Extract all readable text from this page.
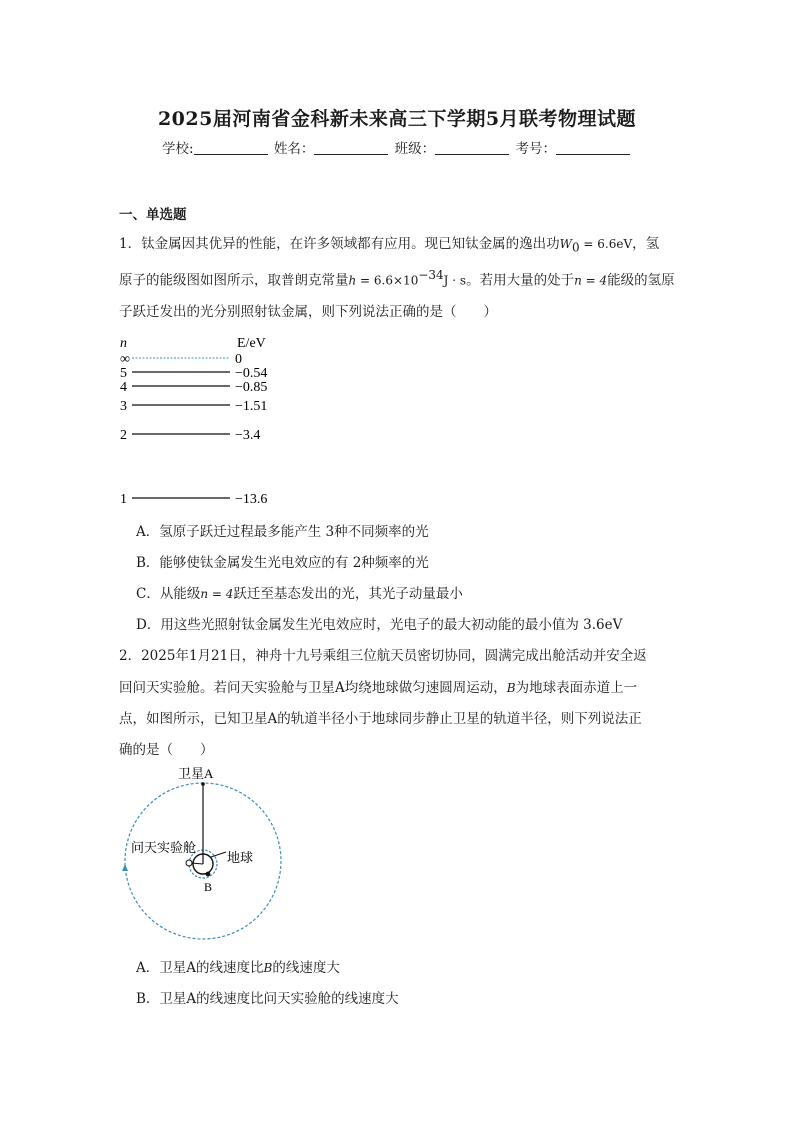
2025届河南省金科新未来高三下学期5月联考物理试题
学校:	姓名：	班级：	考号：
一、单选题
1．钛金属因其优异的性能，在许多领域都有应用。现已知钛金属的逸出功$W_0 = 6.6eV$，氢
原子的能级图如图所示，取普朗克常量$h = 6.6\times 10^{-34}J \cdot s$。若用大量的处于n = 4能级的氢原
子跃迁发出的光分别照射钛金属，则下列说法正确的是（　　）
n	E/eV
∞	0
5	−0.54
4	−0.85
3	−1.51
2	−3.4
1	−13.6
A．氢原子跃迁过程最多能产生 3种不同频率的光
B．能够使钛金属发生光电效应的有 2种频率的光
C．从能级n = 4跃迁至基态发出的光，其光子动量最小
D．用这些光照射钛金属发生光电效应时，光电子的最大初动能的最小值为 3.6eV
2．2025年1月21日，神舟十九号乘组三位航天员密切协同，圆满完成出舱活动并安全返
回问天实验舱。若问天实验舱与卫星A均绕地球做匀速圆周运动，B为地球表面赤道上一
点，如图所示，已知卫星A的轨道半径小于地球同步静止卫星的轨道半径，则下列说法正
确的是（　　）
卫星A
问天实验舱
地球
B
A．卫星A的线速度比B的线速度大
B．卫星A的线速度比问天实验舱的线速度大
